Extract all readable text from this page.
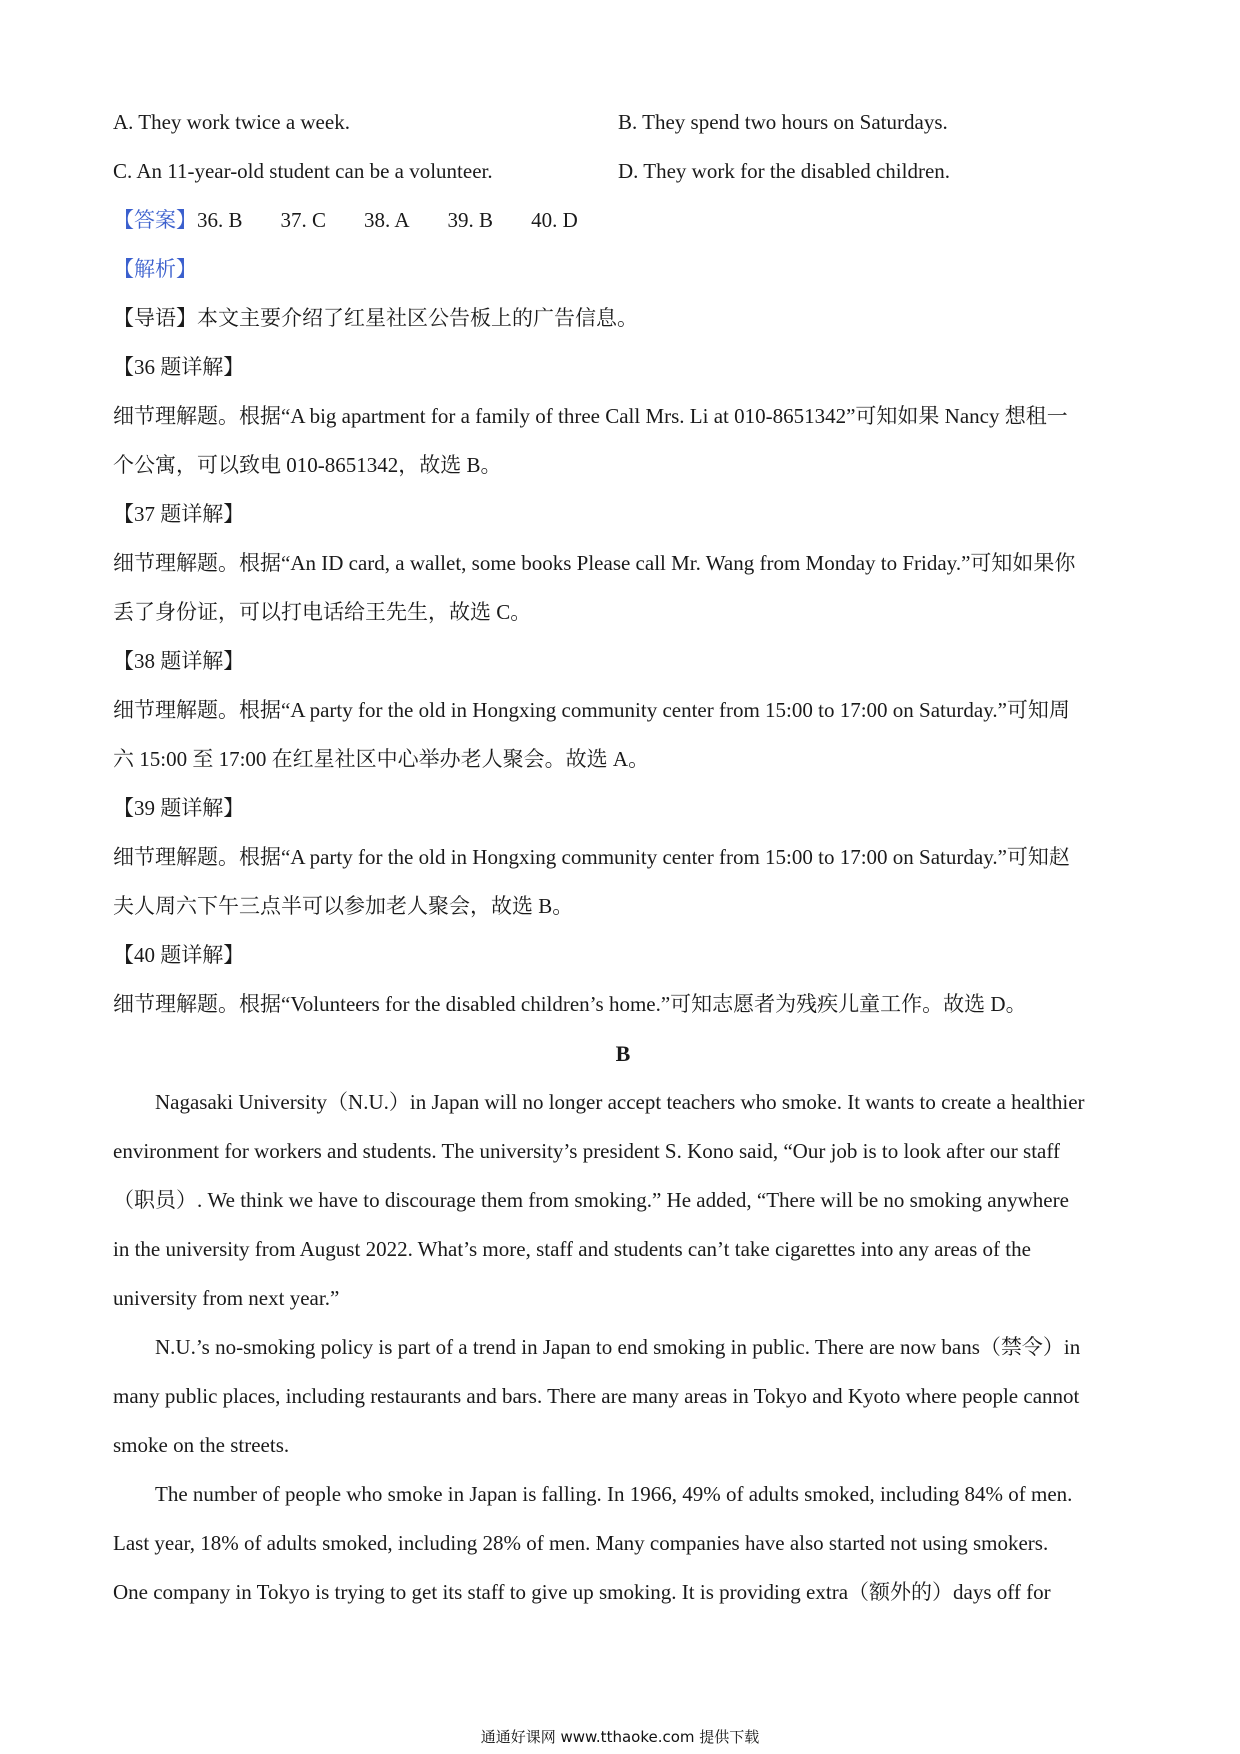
A. They work twice a week.	B. They spend two hours on Saturdays.
C. An 11-year-old student can be a volunteer.	D. They work for the disabled children.
【答案】36. B 37. C 38. A 39. B 40. D
【解析】
【导语】本文主要介绍了红星社区公告板上的广告信息。
【36 题详解】
细节理解题。根据“A big apartment for a family of three Call Mrs. Li at 010-8651342”可知如果 Nancy 想租一
个公寓，可以致电 010-8651342，故选 B。
【37 题详解】
细节理解题。根据“An ID card, a wallet, some books Please call Mr. Wang from Monday to Friday.”可知如果你
丢了身份证，可以打电话给王先生，故选 C。
【38 题详解】
细节理解题。根据“A party for the old in Hongxing community center from 15:00 to 17:00 on Saturday.”可知周
六 15:00 至 17:00 在红星社区中心举办老人聚会。故选 A。
【39 题详解】
细节理解题。根据“A party for the old in Hongxing community center from 15:00 to 17:00 on Saturday.”可知赵
夫人周六下午三点半可以参加老人聚会，故选 B。
【40 题详解】
细节理解题。根据“Volunteers for the disabled children’s home.”可知志愿者为残疾儿童工作。故选 D。
B
Nagasaki University（N.U.）in Japan will no longer accept teachers who smoke. It wants to create a healthier
environment for workers and students. The university’s president S. Kono said, “Our job is to look after our staff
（职员）. We think we have to discourage them from smoking.” He added, “There will be no smoking anywhere
in the university from August 2022. What’s more, staff and students can’t take cigarettes into any areas of the
university from next year.”
N.U.’s no-smoking policy is part of a trend in Japan to end smoking in public. There are now bans（禁令）in
many public places, including restaurants and bars. There are many areas in Tokyo and Kyoto where people cannot
smoke on the streets.
The number of people who smoke in Japan is falling. In 1966, 49% of adults smoked, including 84% of men.
Last year, 18% of adults smoked, including 28% of men. Many companies have also started not using smokers.
One company in Tokyo is trying to get its staff to give up smoking. It is providing extra（额外的）days off for
通通好课网 www.tthaoke.com 提供下载
